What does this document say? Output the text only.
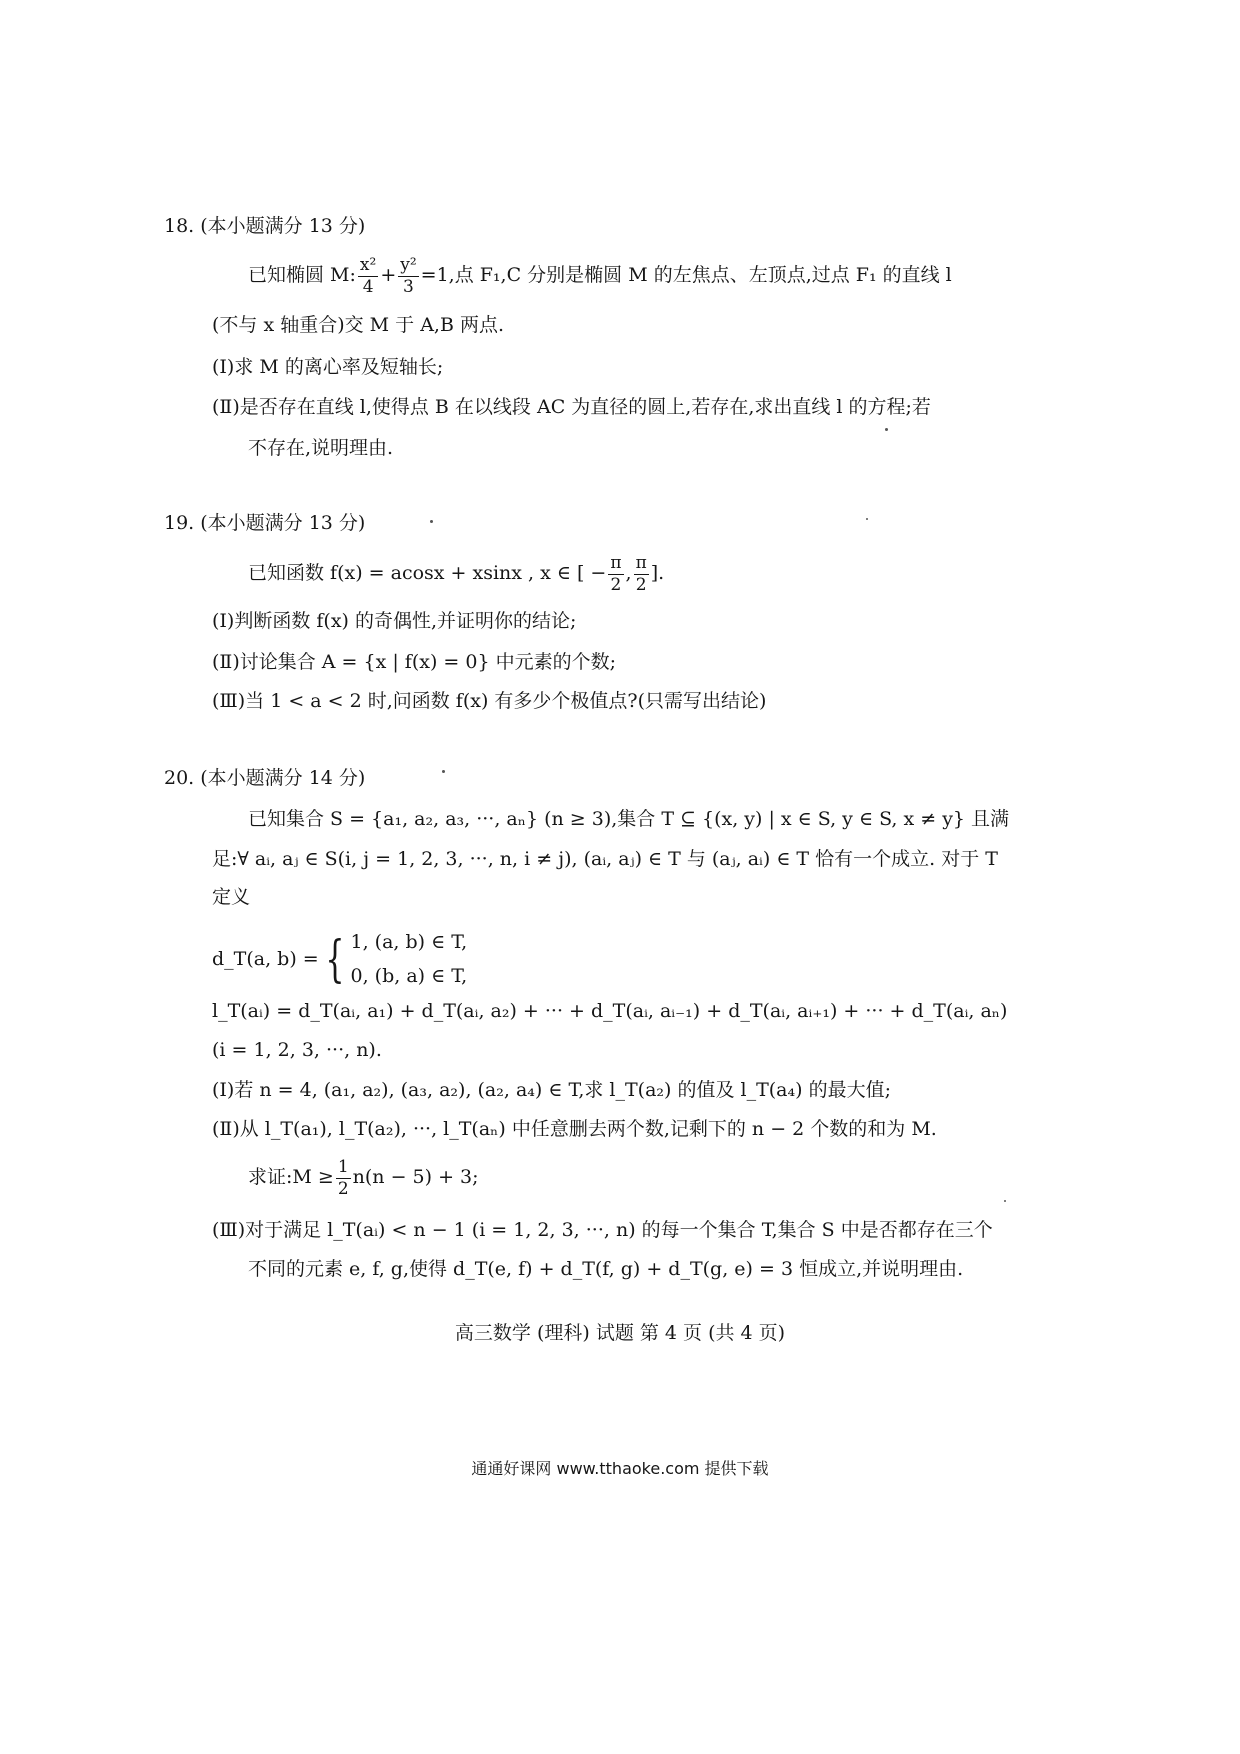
18. (本小题满分 13 分)
已知椭圆 M: $\frac{\text{x²}}{4} + \frac{\text{y²}}{3} =1$,点 F₁,C 分别是椭圆 M 的左焦点、左顶点,过点 F₁ 的直线 l
(不与 x 轴重合)交 M 于 A,B 两点.
(Ⅰ)求 M 的离心率及短轴长;
(Ⅱ)是否存在直线 l,使得点 B 在以线段 AC 为直径的圆上,若存在,求出直线 l 的方程;若
不存在,说明理由.
19. (本小题满分 13 分)
已知函数 f(x) = acosx + xsinx , x ∈ [ − $\frac{\pi}{2}$ , $\frac{\pi}{2}$ ].
(Ⅰ)判断函数 f(x) 的奇偶性,并证明你的结论;
(Ⅱ)讨论集合 A = {x | f(x) = 0} 中元素的个数;
(Ⅲ)当 1 < a < 2 时,问函数 f(x) 有多少个极值点?(只需写出结论)
20. (本小题满分 14 分)
已知集合 S = {a₁, a₂, a₃, ···, aₙ} (n ≥ 3),集合 T ⊆ {(x, y) | x ∈ S, y ∈ S, x ≠ y} 且满
足:∀ aᵢ, aⱼ ∈ S(i, j = 1, 2, 3, ···, n, i ≠ j), (aᵢ, aⱼ) ∈ T 与 (aⱼ, aᵢ) ∈ T 恰有一个成立. 对于 T
定义
d_T(a, b) = { 1, (a, b) ∈ T,
0, (b, a) ∈ T,
l_T(aᵢ) = d_T(aᵢ, a₁) + d_T(aᵢ, a₂) + ··· + d_T(aᵢ, aᵢ₋₁) + d_T(aᵢ, aᵢ₊₁) + ··· + d_T(aᵢ, aₙ)
(i = 1, 2, 3, ···, n).
(Ⅰ)若 n = 4, (a₁, a₂), (a₃, a₂), (a₂, a₄) ∈ T,求 l_T(a₂) 的值及 l_T(a₄) 的最大值;
(Ⅱ)从 l_T(a₁), l_T(a₂), ···, l_T(aₙ) 中任意删去两个数,记剩下的 n − 2 个数的和为 M.
求证:M ≥ $\frac{1}{2} n(n - 5) + 3$;
(Ⅲ)对于满足 l_T(aᵢ) < n − 1 (i = 1, 2, 3, ···, n) 的每一个集合 T,集合 S 中是否都存在三个
不同的元素 e, f, g,使得 d_T(e, f) + d_T(f, g) + d_T(g, e) = 3 恒成立,并说明理由.
高三数学 (理科) 试题 第 4 页 (共 4 页)
通通好课网 www.tthaoke.com 提供下载
